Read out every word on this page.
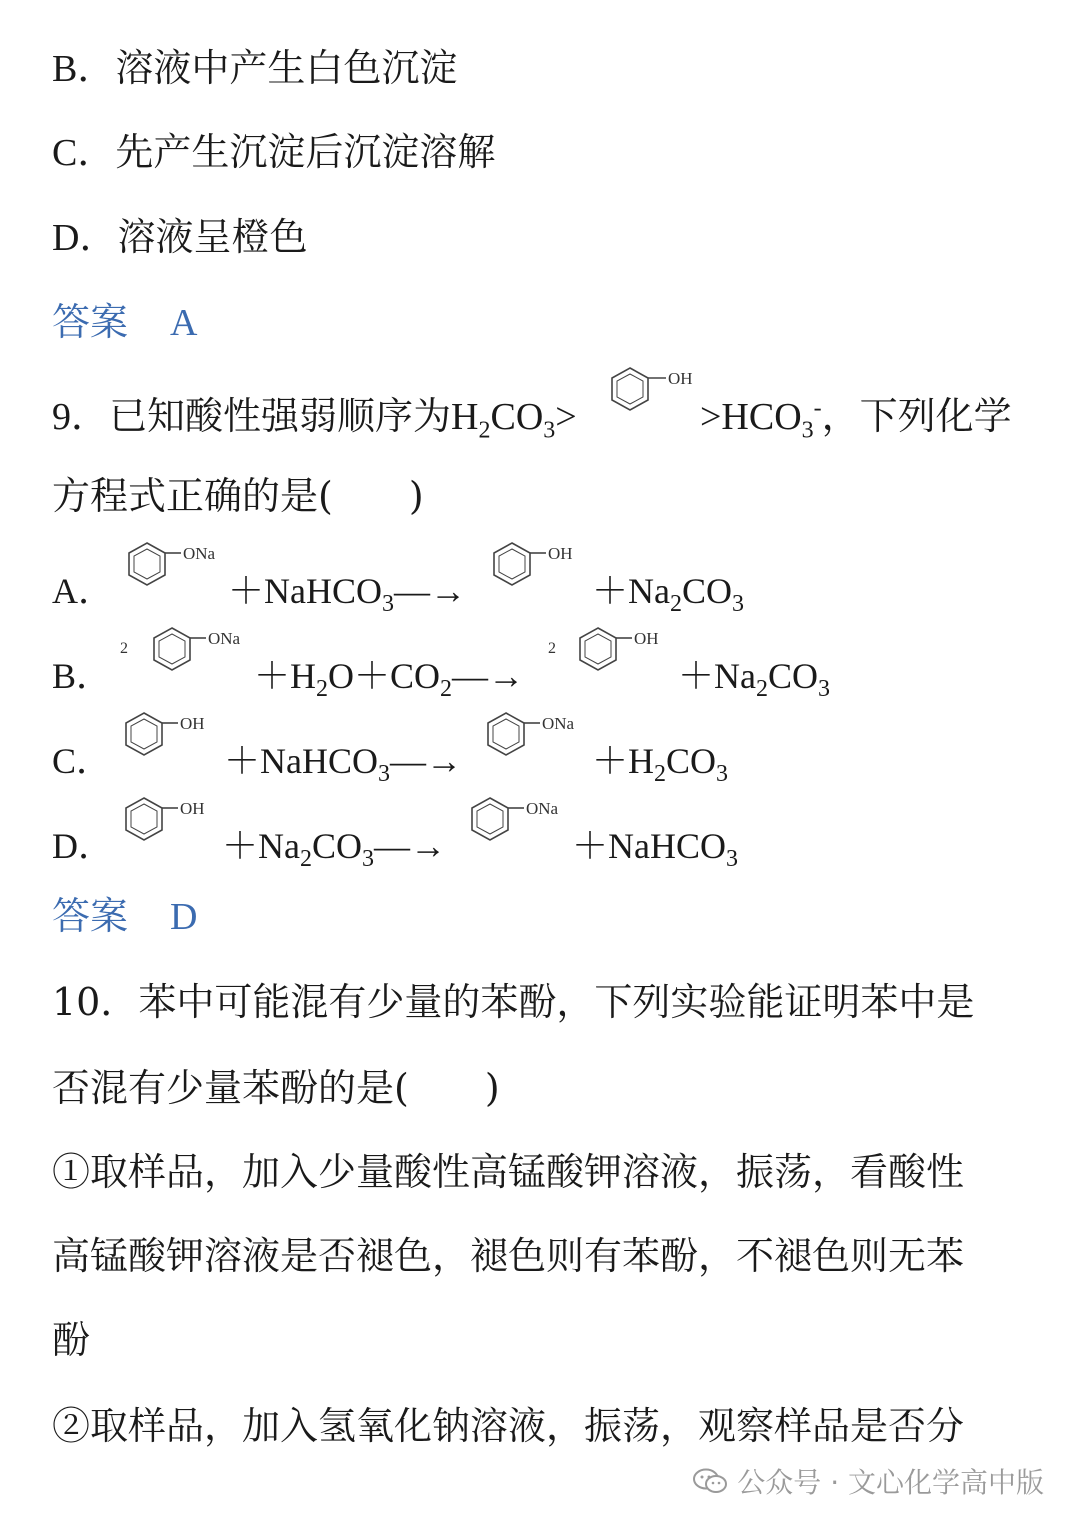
B．溶液中产生白色沉淀
C．先产生沉淀后沉淀溶解
D．溶液呈橙色
答案 A
9．已知酸性强弱顺序为$H_2CO_3>$
OH
$>HCO_3^-$，下列化学
方程式正确的是( )
A．
ONa
＋NaHCO$_3$―→
OH
$+Na_2CO_3$
B．
2
ONa
$+H_2O+CO_2―\to$
2
OH
$+Na_2CO_3$
C．
OH
＋NaHCO$_3$―→
ONa
$+H_2CO_3$
D．
OH
$+Na_2CO_3―\to$
ONa
＋NaHCO$_3$
答案 D
10．苯中可能混有少量的苯酚，下列实验能证明苯中是
否混有少量苯酚的是( )
①取样品，加入少量酸性高锰酸钾溶液，振荡，看酸性
高锰酸钾溶液是否褪色，褪色则有苯酚，不褪色则无苯
酚
②取样品，加入氢氧化钠溶液，振荡，观察样品是否分
公众号 · 文心化学高中版
